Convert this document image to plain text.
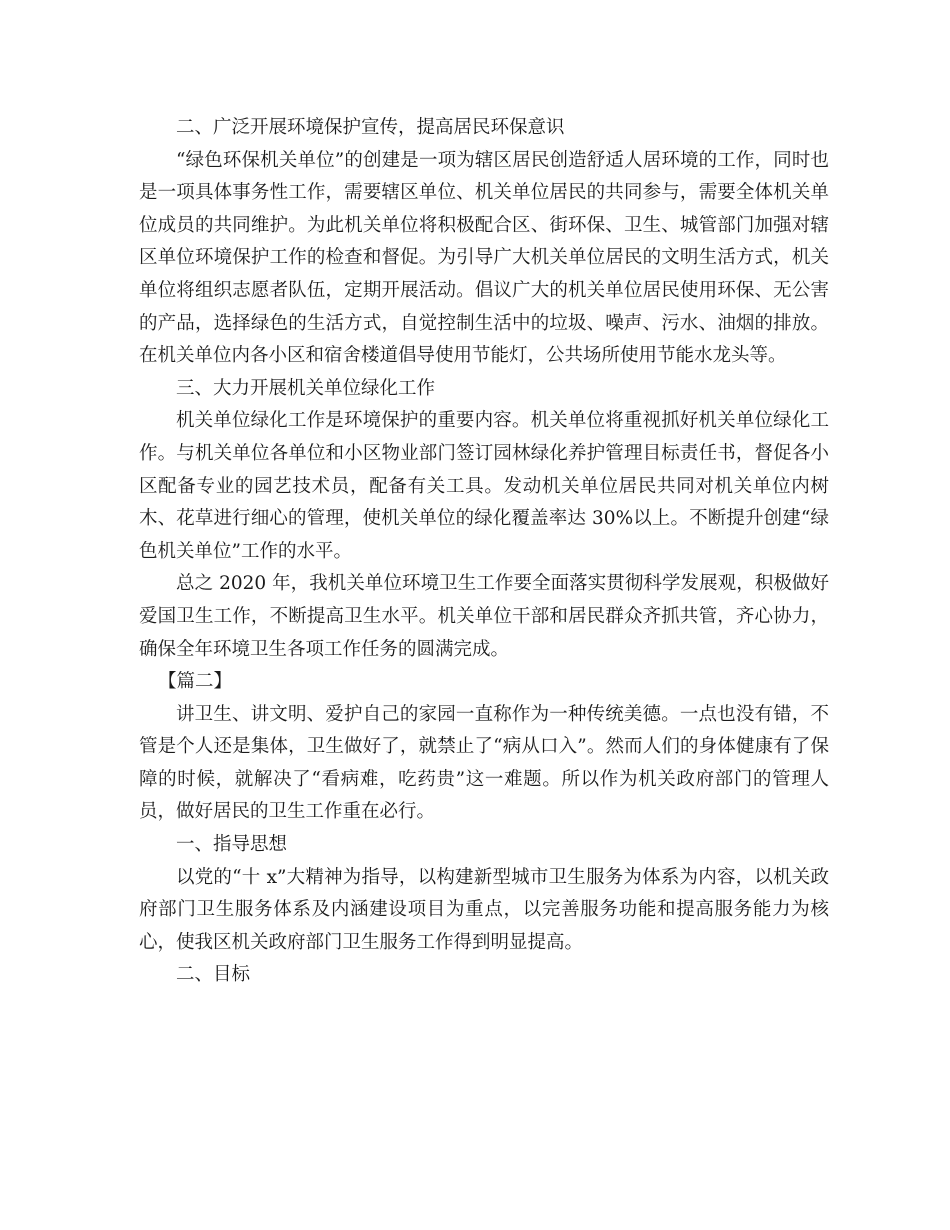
二、广泛开展环境保护宣传，提高居民环保意识

“绿色环保机关单位”的创建是一项为辖区居民创造舒适人居环境的工作，同时也是一项具体事务性工作，需要辖区单位、机关单位居民的共同参与，需要全体机关单位成员的共同维护。为此机关单位将积极配合区、街环保、卫生、城管部门加强对辖区单位环境保护工作的检查和督促。为引导广大机关单位居民的文明生活方式，机关单位将组织志愿者队伍，定期开展活动。倡议广大的机关单位居民使用环保、无公害的产品，选择绿色的生活方式，自觉控制生活中的垃圾、噪声、污水、油烟的排放。在机关单位内各小区和宿舍楼道倡导使用节能灯，公共场所使用节能水龙头等。

三、大力开展机关单位绿化工作

机关单位绿化工作是环境保护的重要内容。机关单位将重视抓好机关单位绿化工作。与机关单位各单位和小区物业部门签订园林绿化养护管理目标责任书，督促各小区配备专业的园艺技术员，配备有关工具。发动机关单位居民共同对机关单位内树木、花草进行细心的管理，使机关单位的绿化覆盖率达 30%以上。不断提升创建“绿色机关单位”工作的水平。

总之 2020 年，我机关单位环境卫生工作要全面落实贯彻科学发展观，积极做好爱国卫生工作，不断提高卫生水平。机关单位干部和居民群众齐抓共管，齐心协力，确保全年环境卫生各项工作任务的圆满完成。

【篇二】

讲卫生、讲文明、爱护自己的家园一直称作为一种传统美德。一点也没有错，不管是个人还是集体，卫生做好了，就禁止了“病从口入”。然而人们的身体健康有了保障的时候，就解决了“看病难，吃药贵”这一难题。所以作为机关政府部门的管理人员，做好居民的卫生工作重在必行。

一、指导思想

以党的“十 x”大精神为指导，以构建新型城市卫生服务为体系为内容，以机关政府部门卫生服务体系及内涵建设项目为重点，以完善服务功能和提高服务能力为核心，使我区机关政府部门卫生服务工作得到明显提高。

二、目标
